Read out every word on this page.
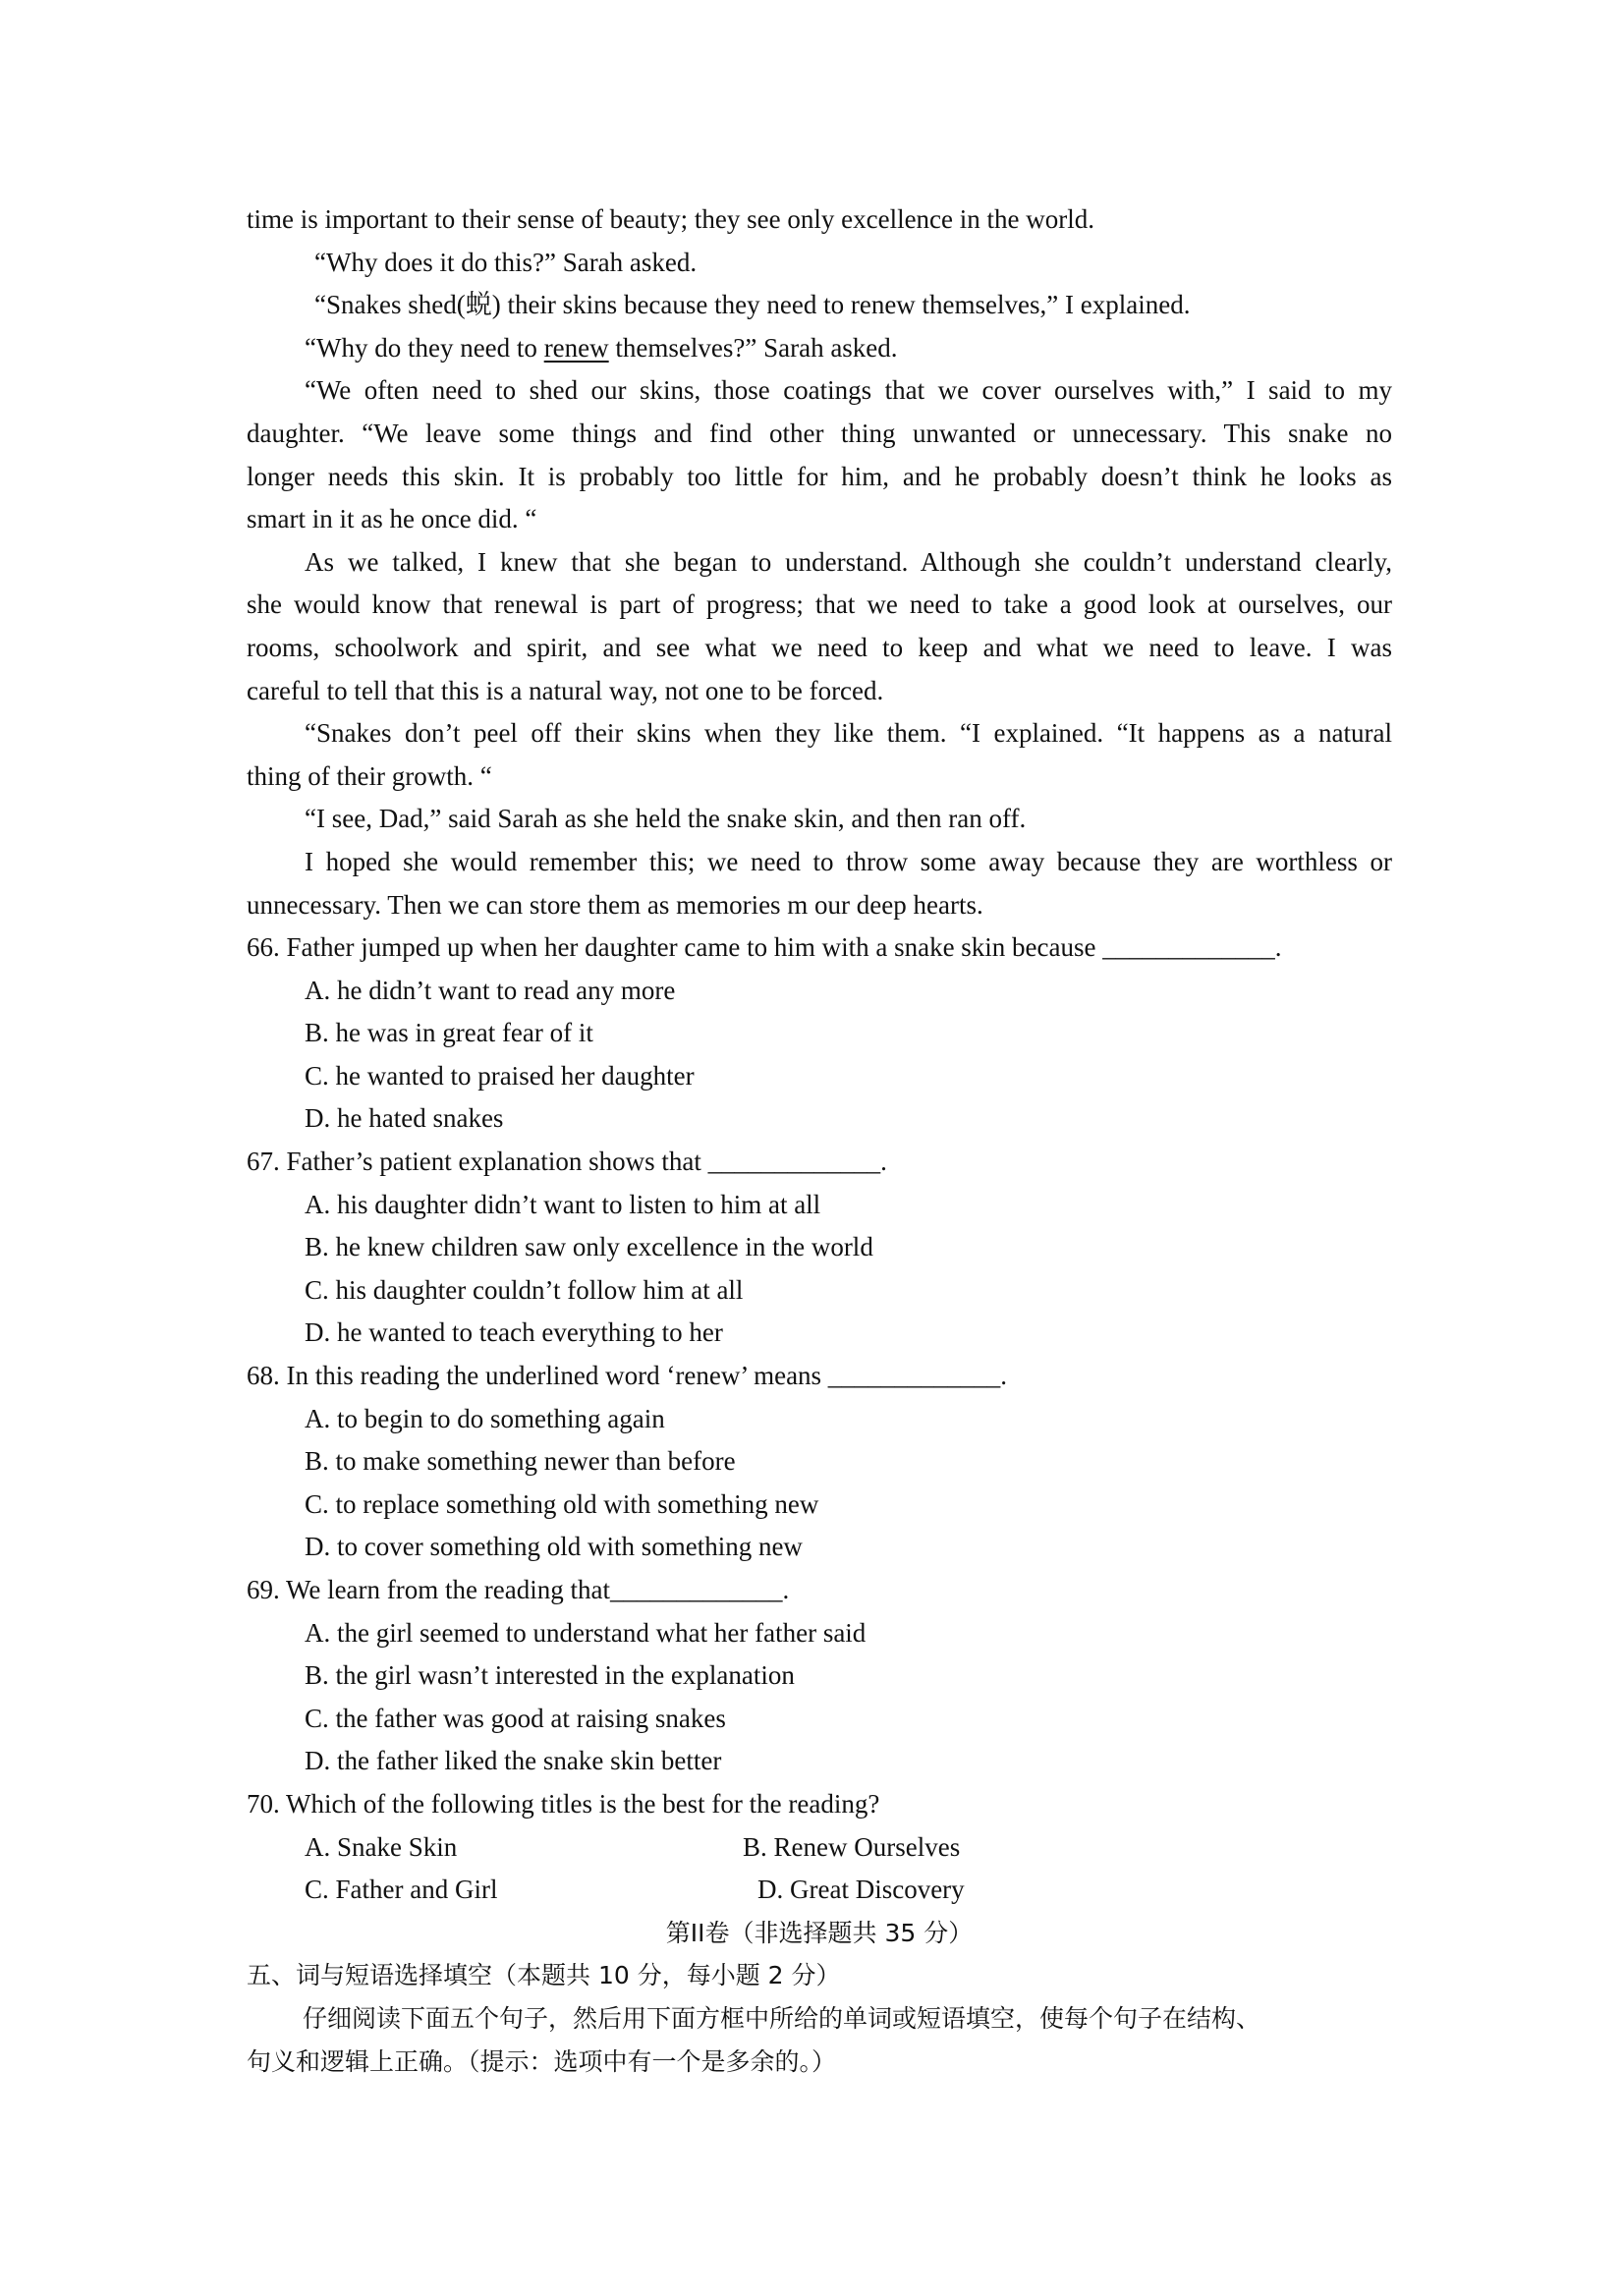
time is important to their sense of beauty; they see only excellence in the world.
“Why does it do this?” Sarah asked.
“Snakes shed(蜕) their skins because they need to renew themselves,” I explained.
“Why do they need to renew themselves?” Sarah asked.
“We often need to shed our skins, those coatings that we cover ourselves with,” I said to my
daughter. “We leave some things and find other thing unwanted or unnecessary. This snake no
longer needs this skin. It is probably too little for him, and he probably doesn’t think he looks as
smart in it as he once did. “
As we talked, I knew that she began to understand. Although she couldn’t understand clearly,
she would know that renewal is part of progress; that we need to take a good look at ourselves, our
rooms, schoolwork and spirit, and see what we need to keep and what we need to leave. I was
careful to tell that this is a natural way, not one to be forced.
“Snakes don’t peel off their skins when they like them. “I explained. “It happens as a natural
thing of their growth. “
“I see, Dad,” said Sarah as she held the snake skin, and then ran off.
I hoped she would remember this; we need to throw some away because they are worthless or
unnecessary. Then we can store them as memories m our deep hearts.
66. Father jumped up when her daughter came to him with a snake skin because _____________.
A. he didn’t want to read any more
B. he was in great fear of it
C. he wanted to praised her daughter
D. he hated snakes
67. Father’s patient explanation shows that _____________.
A. his daughter didn’t want to listen to him at all
B. he knew children saw only excellence in the world
C. his daughter couldn’t follow him at all
D. he wanted to teach everything to her
68. In this reading the underlined word ‘renew’ means _____________.
A. to begin to do something again
B. to make something newer than before
C. to replace something old with something new
D. to cover something old with something new
69. We learn from the reading that_____________.
A. the girl seemed to understand what her father said
B. the girl wasn’t interested in the explanation
C. the father was good at raising snakes
D. the father liked the snake skin better
70. Which of the following titles is the best for the reading?
A. Snake Skin	B. Renew Ourselves
C. Father and Girl	D. Great Discovery
第II卷（非选择题共 35 分）
五、词与短语选择填空（本题共 10 分，每小题 2 分）
仔细阅读下面五个句子，然后用下面方框中所给的单词或短语填空，使每个句子在结构、
句义和逻辑上正确。（提示：选项中有一个是多余的。）
